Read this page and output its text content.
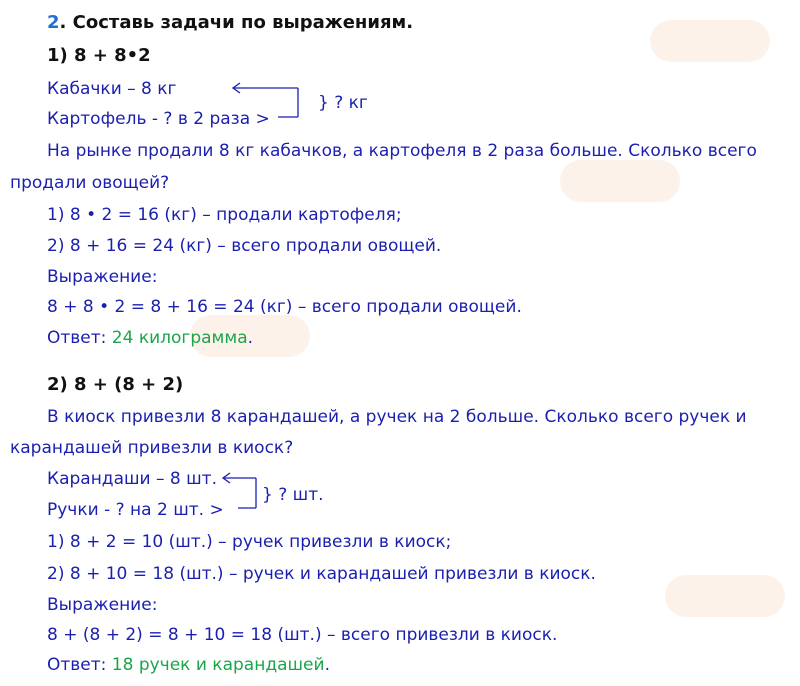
2. Составь задачи по выражениям.
1) 8 + 8•2
Кабачки – 8 кг
Картофель - ? в 2 раза >
} ? кг
На рынке продали 8 кг кабачков, а картофеля в 2 раза больше. Сколько всего
продали овощей?
1) 8 • 2 = 16 (кг) – продали картофеля;
2) 8 + 16 = 24 (кг) – всего продали овощей.
Выражение:
8 + 8 • 2 = 8 + 16 = 24 (кг) – всего продали овощей.
Ответ: 24 килограмма.
2) 8 + (8 + 2)
В киоск привезли 8 карандашей, а ручек на 2 больше. Сколько всего ручек и
карандашей привезли в киоск?
Карандаши – 8 шт.
Ручки - ? на 2 шт. >
} ? шт.
1) 8 + 2 = 10 (шт.) – ручек привезли в киоск;
2) 8 + 10 = 18 (шт.) – ручек и карандашей привезли в киоск.
Выражение:
8 + (8 + 2) = 8 + 10 = 18 (шт.) – всего привезли в киоск.
Ответ: 18 ручек и карандашей.
